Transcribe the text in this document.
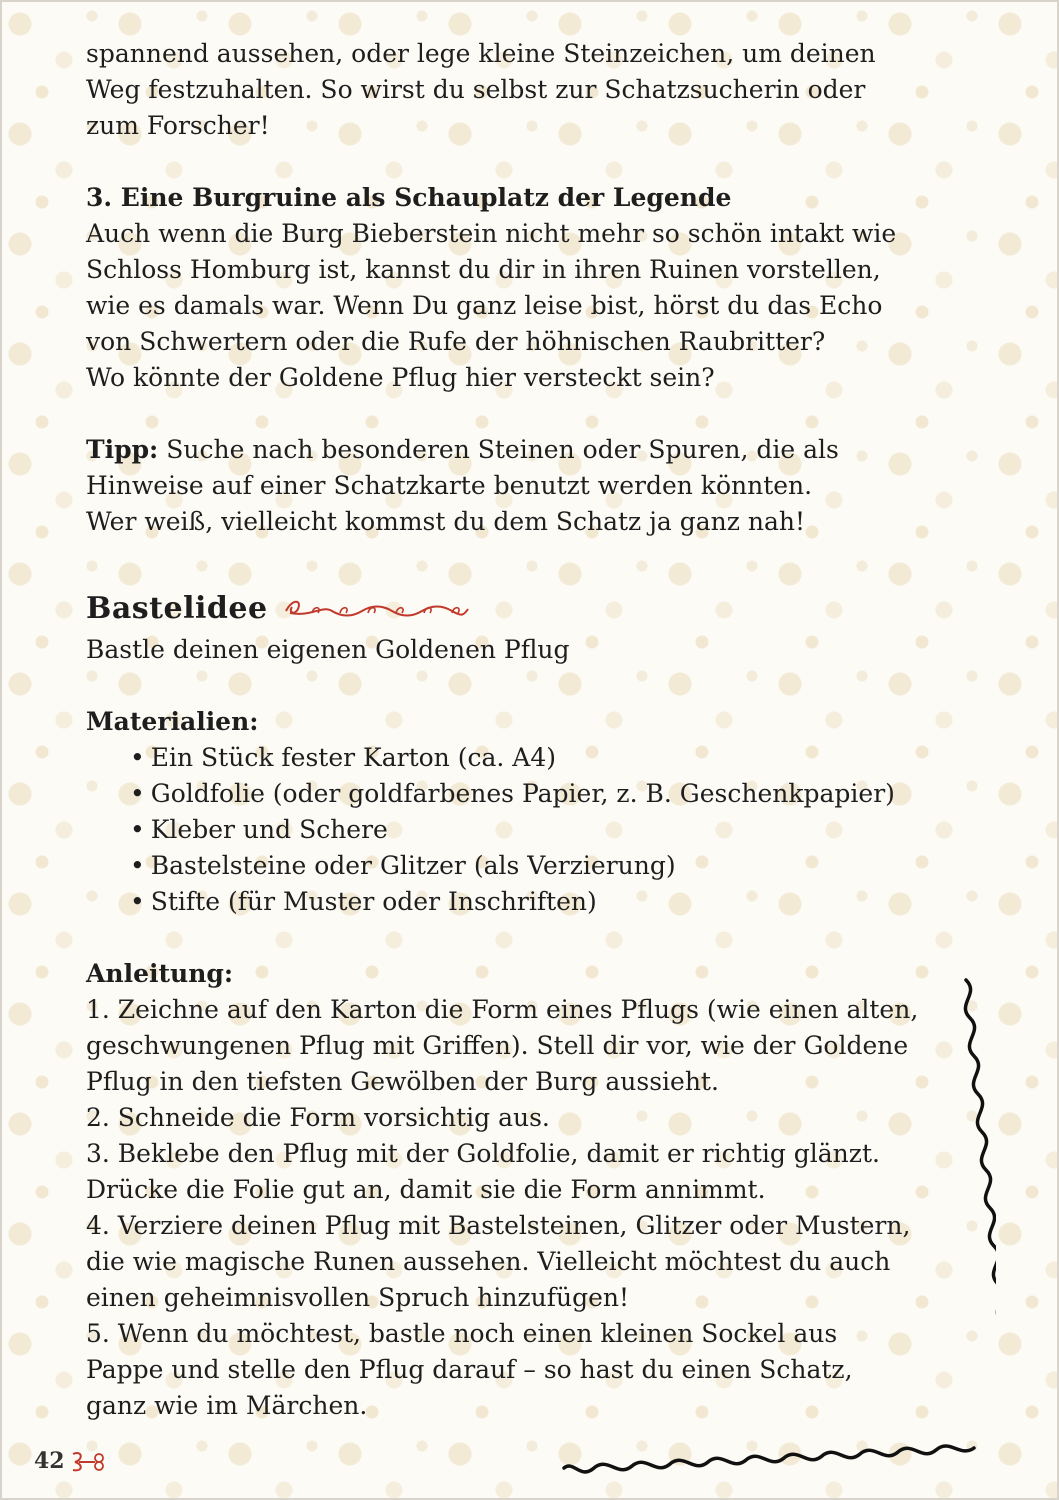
spannend aussehen, oder lege kleine Steinzeichen, um deinen

Weg festzuhalten. So wirst du selbst zur Schatzsucherin oder

zum Forscher!

3. Eine Burgruine als Schauplatz der Legende

Auch wenn die Burg Bieberstein nicht mehr so schön intakt wie

Schloss Homburg ist, kannst du dir in ihren Ruinen vorstellen,

wie es damals war. Wenn Du ganz leise bist, hörst du das Echo

von Schwertern oder die Rufe der höhnischen Raubritter?

Wo könnte der Goldene Pflug hier versteckt sein?

Tipp: Suche nach besonderen Steinen oder Spuren, die als

Hinweise auf einer Schatzkarte benutzt werden könnten.

Wer weiß, vielleicht kommst du dem Schatz ja ganz nah!

Bastelidee

Bastle deinen eigenen Goldenen Pflug

Materialien:

• Ein Stück fester Karton (ca. A4)
• Goldfolie (oder goldfarbenes Papier, z. B. Geschenkpapier)
• Kleber und Schere
• Bastelsteine oder Glitzer (als Verzierung)
• Stifte (für Muster oder Inschriften)

Anleitung:

1. Zeichne auf den Karton die Form eines Pflugs (wie einen alten,

geschwungenen Pflug mit Griffen). Stell dir vor, wie der Goldene

Pflug in den tiefsten Gewölben der Burg aussieht.

2. Schneide die Form vorsichtig aus.

3. Beklebe den Pflug mit der Goldfolie, damit er richtig glänzt.

Drücke die Folie gut an, damit sie die Form annimmt.

4. Verziere deinen Pflug mit Bastelsteinen, Glitzer oder Mustern,

die wie magische Runen aussehen. Vielleicht möchtest du auch

einen geheimnisvollen Spruch hinzufügen!

5. Wenn du möchtest, bastle noch einen kleinen Sockel aus

Pappe und stelle den Pflug darauf – so hast du einen Schatz,

ganz wie im Märchen.

42
